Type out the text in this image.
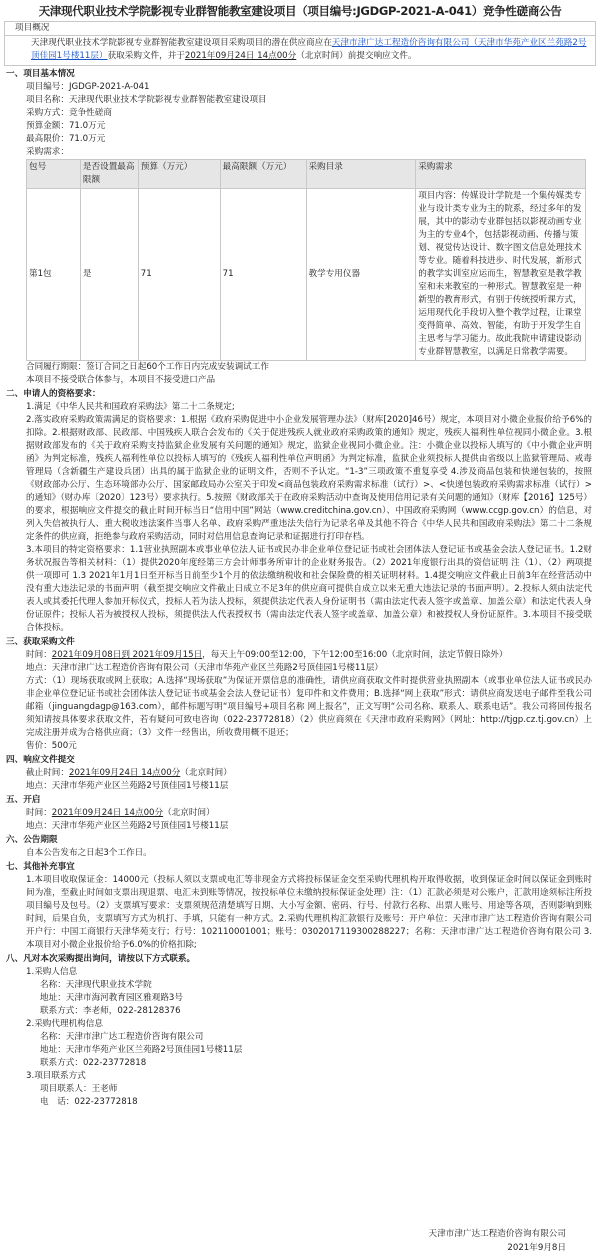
天津现代职业技术学院影视专业群智能教室建设项目（项目编号:JGDGP-2021-A-041）竞争性磋商公告
项目概况
天津现代职业技术学院影视专业群智能教室建设项目采购项目的潜在供应商应在天津市津广达工程造价咨询有限公司（天津市华苑产业区兰苑路2号顶佳园1号楼11层）获取采购文件，并于2021年09月24日 14点00分（北京时间）前提交响应文件。
一、项目基本情况
项目编号：JGDGP-2021-A-041
项目名称：天津现代职业技术学院影视专业群智能教室建设项目
采购方式：竞争性磋商
预算金额：71.0万元
最高限价：71.0万元
采购需求：
包号	是否设置最高限额	预算（万元）	最高限额（万元）	采购目录	采购需求
第1包	是	71	71	教学专用仪器	项目内容：传媒设计学院是一个集传媒类专业与设计类专业为主的院系，经过多年的发展，其中的影动专业群包括以影视动画专业为主的专业4个，包括影视动画、传播与策划、视觉传达设计、数字图文信息处理技术等专业。随着科技进步、时代发展，新形式的教学实训室应运而生，智慧教室是教学教室和未来教室的一种形式。智慧教室是一种新型的教育形式，有别于传统授听课方式，运用现代化手段切入整个教学过程，让课堂变得简单、高效、智能，有助于开发学生自主思考与学习能力。故此我院申请建设影动专业群智慧教室，以满足日常教学需要。
合同履行期限：签订合同之日起60个工作日内完成安装调试工作
本项目不接受联合体参与，本项目不接受进口产品
二、申请人的资格要求：
1.满足《中华人民共和国政府采购法》第二十二条规定;
2.落实政府采购政策需满足的资格要求：1.根据《政府采购促进中小企业发展管理办法》（财库[2020]46号）规定，本项目对小微企业报价给予6%的扣除。2.根据财政部、民政部、中国残疾人联合会发布的《关于促进残疾人就业政府采购政策的通知》规定，残疾人福利性单位视同小微企业。3.根据财政部发布的《关于政府采购支持监狱企业发展有关问题的通知》规定，监狱企业视同小微企业。注：小微企业以投标人填写的《中小微企业声明函》为判定标准，残疾人福利性单位以投标人填写的《残疾人福利性单位声明函》为判定标准，监狱企业须投标人提供由省级以上监狱管理局、戒毒管理局（含新疆生产建设兵团）出具的属于监狱企业的证明文件，否则不予认定。“1-3”三项政策不重复享受 4.涉及商品包装和快递包装的，按照《财政部办公厅、生态环境部办公厅、国家邮政局办公室关于印发<商品包装政府采购需求标准（试行）>、<快递包装政府采购需求标准（试行）>的通知》（财办库〔2020〕123号）要求执行。5.按照《财政部关于在政府采购活动中查询及使用信用记录有关问题的通知》（财库【2016】125号）的要求，根据响应文件提交的截止时间开标当日“信用中国”网站（www.creditchina.gov.cn）、中国政府采购网（www.ccgp.gov.cn）的信息，对列入失信被执行人、重大税收违法案件当事人名单、政府采购严重违法失信行为记录名单及其他不符合《中华人民共和国政府采购法》第二十二条规定条件的供应商，拒绝参与政府采购活动，同时对信用信息查询记录和证据进行打印存档。
3.本项目的特定资格要求：1.1营业执照副本或事业单位法人证书或民办非企业单位登记证书或社会团体法人登记证书或基金会法人登记证书。1.2财务状况报告等相关材料：（1）提供2020年度经第三方会计师事务所审计的企业财务报告。（2）2021年度银行出具的资信证明 注（1）、（2）两项提供一项即可 1.3 2021年1月1日至开标当日前至少1个月的依法缴纳税收和社会保险费的相关证明材料。1.4提交响应文件截止日前3年在经营活动中没有重大违法记录的书面声明（截至提交响应文件截止日成立不足3年的供应商可提供自成立以来无重大违法记录的书面声明）。2.投标人须由法定代表人或其委托代理人参加开标仪式，投标人若为法人投标，须提供法定代表人身份证明书（需由法定代表人签字或盖章、加盖公章）和法定代表人身份证原件；投标人若为被授权人投标，须提供法人代表授权书（需由法定代表人签字或盖章、加盖公章）和被授权人身份证原件。3.本项目不接受联合体投标。
三、获取采购文件
时间：2021年09月08日到 2021年09月15日，每天上午09:00至12:00，下午12:00至16:00（北京时间，法定节假日除外）
地点：天津市津广达工程造价咨询有限公司（天津市华苑产业区兰苑路2号顶佳园1号楼11层）
方式：（1）现场获取或网上获取；A.选择“现场获取”为保证开票信息的准确性，请供应商获取文件时提供营业执照副本（或事业单位法人证书或民办非企业单位登记证书或社会团体法人登记证书或基金会法人登记证书）复印件和文件费用；B.选择“网上获取”形式：请供应商发送电子邮件至我公司邮箱（jinguangdagp@163.com），邮件标题写明“项目编号+项目名称 网上报名”，正文写明“公司名称、联系人、联系电话”。我公司将回传报名须知请按具体要求获取文件，若有疑问可致电咨询（022-23772818）（2）供应商须在《天津市政府采购网》（网址：http://tjgp.cz.tj.gov.cn）上完成注册并成为合格供应商；（3）文件一经售出，所收费用概不退还；
售价：500元
四、响应文件提交
截止时间：2021年09月24日 14点00分（北京时间）
地点：天津市华苑产业区兰苑路2号顶佳园1号楼11层
五、开启
时间：2021年09月24日 14点00分（北京时间）
地点：天津市华苑产业区兰苑路2号顶佳园1号楼11层
六、公告期限
自本公告发布之日起3个工作日。
七、其他补充事宜
1.本项目收取保证金：14000元（投标人须以支票或电汇等非现金方式将投标保证金交至采购代理机构开取得收据，收到保证金时间以保证金到账时间为准，至截止时间如支票出现退票、电汇未到账等情况，按投标单位未缴纳投标保证金处理）注：（1）汇款必须是对公账户，汇款用途须标注所投项目编号及包号。（2）支票填写要求：支票须规范清楚填写日期、大小写金额、密码、行号、付款行名称、出票人账号、用途等各项，否则影响到账时间，后果自负，支票填写方式为机打、手填，只能有一种方式。2.采购代理机构汇款银行及账号：开户单位：天津市津广达工程造价咨询有限公司 开户行：中国工商银行天津华苑支行；行号：102110001001；账号：0302017119300288227；名称：天津市津广达工程造价咨询有限公司 3.本项目对小微企业报价给予6.0%的价格扣除;
八、凡对本次采购提出询问，请按以下方式联系。
1.采购人信息
名称：天津现代职业技术学院
地址：天津市海河教育园区雅观路3号
联系方式：李老师，022-28128376
2.采购代理机构信息
名称：天津市津广达工程造价咨询有限公司
地址：天津市华苑产业区兰苑路2号顶佳园1号楼11层
联系方式：022-23772818
3.项目联系方式
项目联系人：王老师
电　话：022-23772818
天津市津广达工程造价咨询有限公司
2021年9月8日
